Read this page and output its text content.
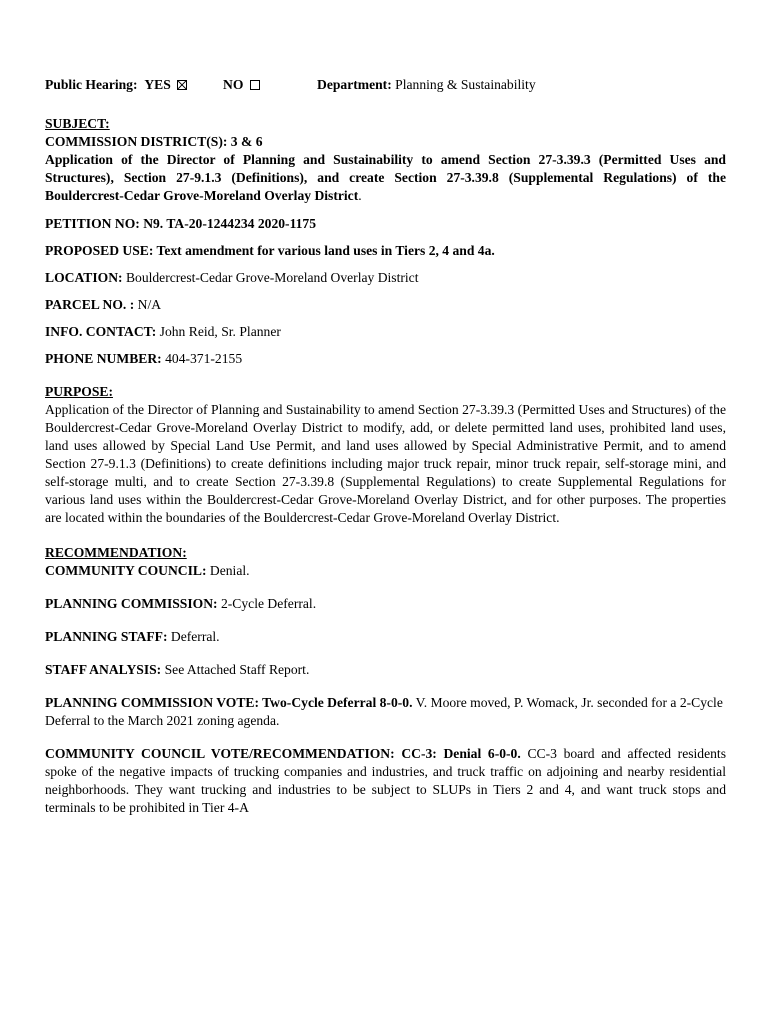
Public Hearing: YES	NO	Department: Planning & Sustainability
SUBJECT:
COMMISSION DISTRICT(S): 3 & 6
Application of the Director of Planning and Sustainability to amend Section 27-3.39.3 (Permitted Uses and Structures), Section 27-9.1.3 (Definitions), and create Section 27-3.39.8 (Supplemental Regulations) of the Bouldercrest-Cedar Grove-Moreland Overlay District.
PETITION NO: N9. TA-20-1244234 2020-1175
PROPOSED USE: Text amendment for various land uses in Tiers 2, 4 and 4a.
LOCATION: Bouldercrest-Cedar Grove-Moreland Overlay District
PARCEL NO. : N/A
INFO. CONTACT: John Reid, Sr. Planner
PHONE NUMBER: 404-371-2155
PURPOSE:
Application of the Director of Planning and Sustainability to amend Section 27-3.39.3 (Permitted Uses and Structures) of the Bouldercrest-Cedar Grove-Moreland Overlay District to modify, add, or delete permitted land uses, prohibited land uses, land uses allowed by Special Land Use Permit, and land uses allowed by Special Administrative Permit, and to amend Section 27-9.1.3 (Definitions) to create definitions including major truck repair, minor truck repair, self-storage mini, and self-storage multi, and to create Section 27-3.39.8 (Supplemental Regulations) to create Supplemental Regulations for various land uses within the Bouldercrest-Cedar Grove-Moreland Overlay District, and for other purposes. The properties are located within the boundaries of the Bouldercrest-Cedar Grove-Moreland Overlay District.
RECOMMENDATION:
COMMUNITY COUNCIL: Denial.
PLANNING COMMISSION: 2-Cycle Deferral.
PLANNING STAFF: Deferral.
STAFF ANALYSIS: See Attached Staff Report.
PLANNING COMMISSION VOTE: Two-Cycle Deferral 8-0-0. V. Moore moved, P. Womack, Jr. seconded for a 2-Cycle Deferral to the March 2021 zoning agenda.
COMMUNITY COUNCIL VOTE/RECOMMENDATION: CC-3: Denial 6-0-0. CC-3 board and affected residents spoke of the negative impacts of trucking companies and industries, and truck traffic on adjoining and nearby residential neighborhoods. They want trucking and industries to be subject to SLUPs in Tiers 2 and 4, and want truck stops and terminals to be prohibited in Tier 4-A
